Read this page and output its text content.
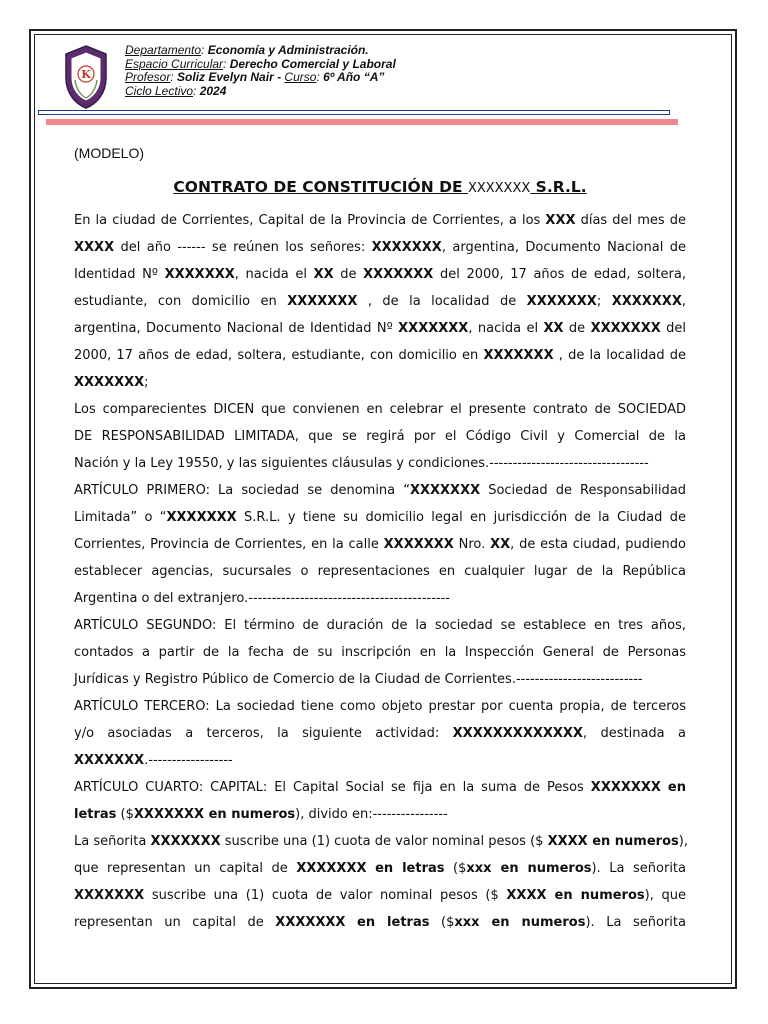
K
Departamento: Economía y Administración.
Espacio Curricular: Derecho Comercial y Laboral
Profesor: Soliz Evelyn Nair - Curso: 6º Año “A”
Ciclo Lectivo: 2024
(MODELO)
CONTRATO DE CONSTITUCIÓN DE XXXXXXX S.R.L.
En la ciudad de Corrientes, Capital de la Provincia de Corrientes, a los XXX días del mes de
XXXX del año ------ se reúnen los señores: XXXXXXX, argentina, Documento Nacional de
Identidad Nº XXXXXXX, nacida el XX de XXXXXXX del 2000, 17 años de edad, soltera,
estudiante, con domicilio en XXXXXXX , de la localidad de XXXXXXX; XXXXXXX,
argentina, Documento Nacional de Identidad Nº XXXXXXX, nacida el XX de XXXXXXX del
2000, 17 años de edad, soltera, estudiante, con domicilio en XXXXXXX , de la localidad de
XXXXXXX;
Los comparecientes DICEN que convienen en celebrar el presente contrato de SOCIEDAD
DE RESPONSABILIDAD LIMITADA, que se regirá por el Código Civil y Comercial de la
Nación y la Ley 19550, y las siguientes cláusulas y condiciones.----------------------------------
ARTÍCULO PRIMERO: La sociedad se denomina “XXXXXXX Sociedad de Responsabilidad
Limitada” o “XXXXXXX S.R.L. y tiene su domicilio legal en jurisdicción de la Ciudad de
Corrientes, Provincia de Corrientes, en la calle XXXXXXX Nro. XX, de esta ciudad, pudiendo
establecer agencias, sucursales o representaciones en cualquier lugar de la República
Argentina o del extranjero.-------------------------------------------
ARTÍCULO SEGUNDO: El término de duración de la sociedad se establece en tres años,
contados a partir de la fecha de su inscripción en la Inspección General de Personas
Jurídicas y Registro Público de Comercio de la Ciudad de Corrientes.---------------------------
ARTÍCULO TERCERO: La sociedad tiene como objeto prestar por cuenta propia, de terceros
y/o asociadas a terceros, la siguiente actividad: XXXXXXXXXXXXX, destinada a
XXXXXXX.------------------
ARTÍCULO CUARTO: CAPITAL: El Capital Social se fija en la suma de Pesos XXXXXXX en
letras ($XXXXXXX en numeros), divido en:----------------
La señorita XXXXXXX suscribe una (1) cuota de valor nominal pesos ($ XXXX en numeros),
que representan un capital de XXXXXXX en letras ($xxx en numeros). La señorita
XXXXXXX suscribe una (1) cuota de valor nominal pesos ($ XXXX en numeros), que
representan un capital de XXXXXXX en letras ($xxx en numeros). La señorita
